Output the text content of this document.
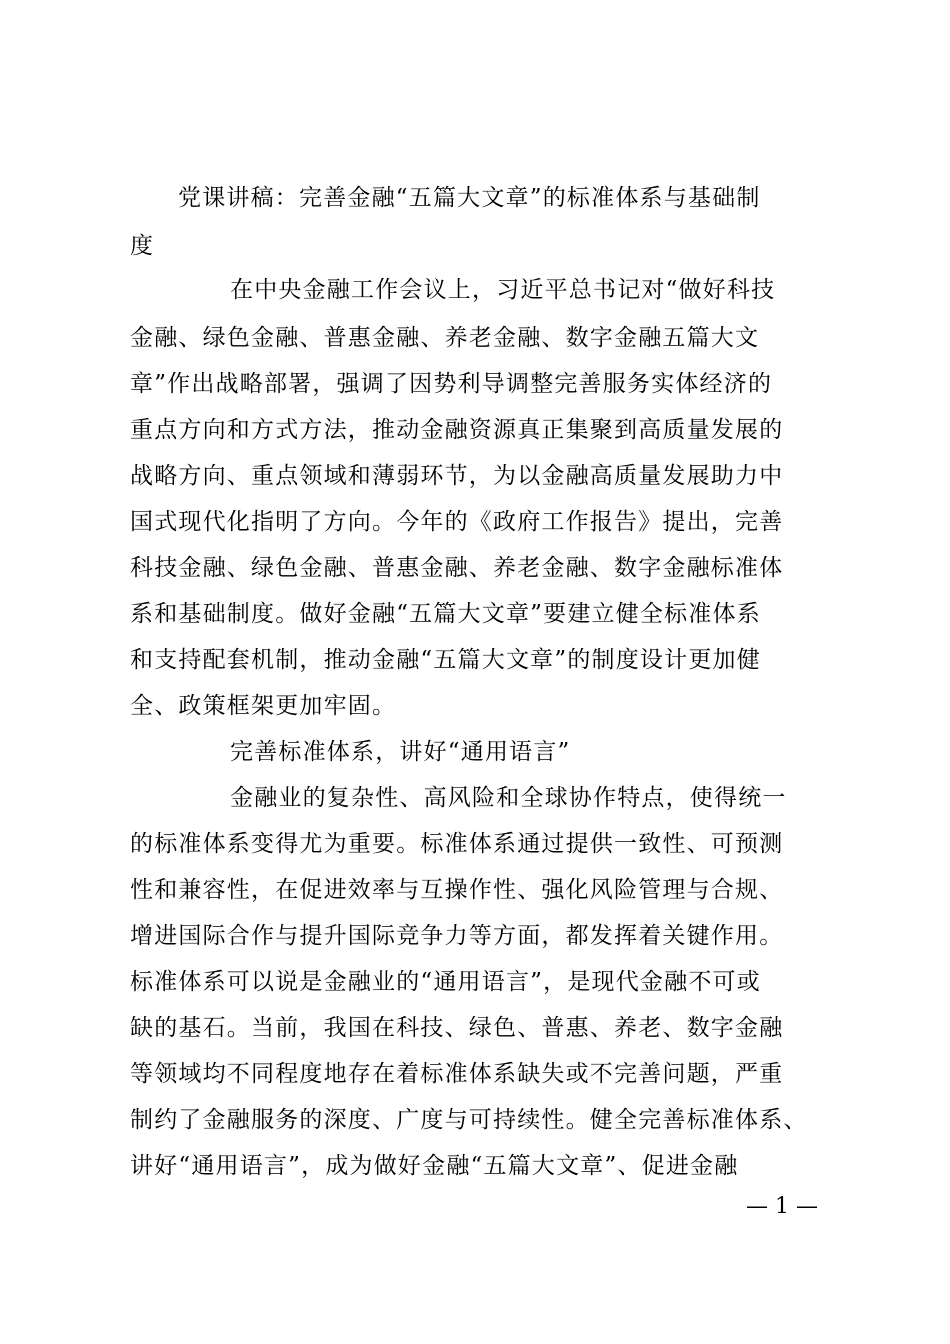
党课讲稿：完善金融“五篇大文章”的标准体系与基础制
度
在中央金融工作会议上，习近平总书记对“做好科技
金融、绿色金融、普惠金融、养老金融、数字金融五篇大文
章”作出战略部署，强调了因势利导调整完善服务实体经济的
重点方向和方式方法，推动金融资源真正集聚到高质量发展的
战略方向、重点领域和薄弱环节，为以金融高质量发展助力中
国式现代化指明了方向。今年的《政府工作报告》提出，完善
科技金融、绿色金融、普惠金融、养老金融、数字金融标准体
系和基础制度。做好金融“五篇大文章”要建立健全标准体系
和支持配套机制，推动金融“五篇大文章”的制度设计更加健
全、政策框架更加牢固。
完善标准体系，讲好“通用语言”
金融业的复杂性、高风险和全球协作特点，使得统一
的标准体系变得尤为重要。标准体系通过提供一致性、可预测
性和兼容性，在促进效率与互操作性、强化风险管理与合规、
增进国际合作与提升国际竞争力等方面，都发挥着关键作用。
标准体系可以说是金融业的“通用语言”，是现代金融不可或
缺的基石。当前，我国在科技、绿色、普惠、养老、数字金融
等领域均不同程度地存在着标准体系缺失或不完善问题，严重
制约了金融服务的深度、广度与可持续性。健全完善标准体系、
讲好“通用语言”，成为做好金融“五篇大文章”、促进金融
— 1 —
